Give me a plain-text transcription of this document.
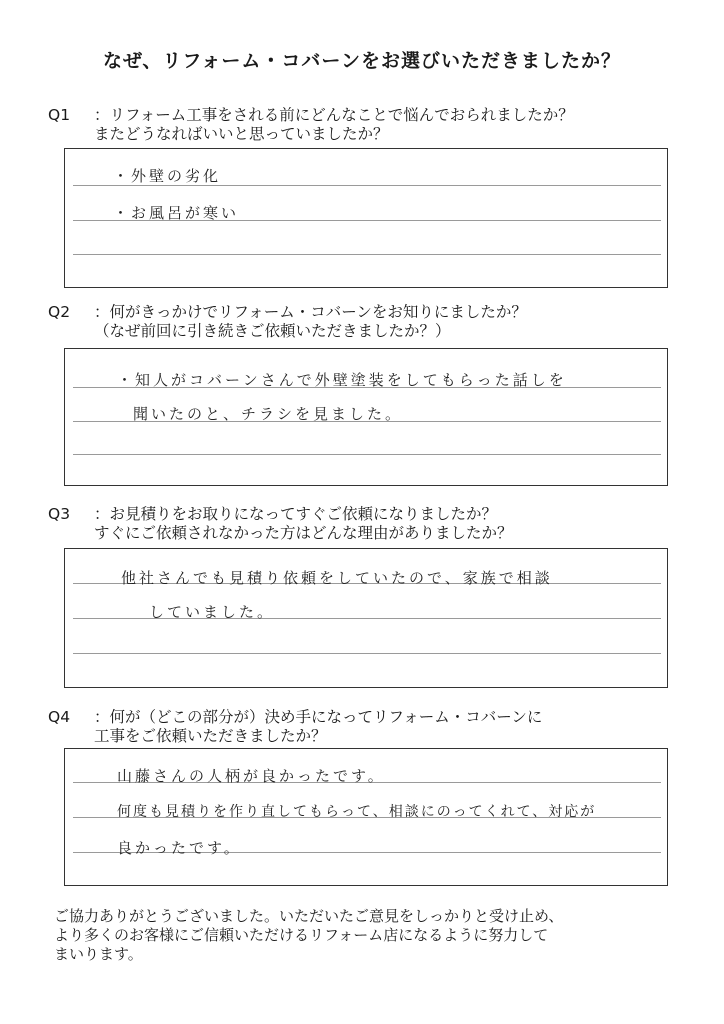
なぜ、リフォーム・コバーンをお選びいただきましたか？
Q1 ：リフォーム工事をされる前にどんなことで悩んでおられましたか？
またどうなればいいと思っていましたか？
・外壁の劣化
・お風呂が寒い
Q2 ：何がきっかけでリフォーム・コバーンをお知りにましたか？
（なぜ前回に引き続きご依頼いただきましたか？）
・知人がコバーンさんで外壁塗装をしてもらった話しを
聞いたのと、チラシを見ました。
Q3 ：お見積りをお取りになってすぐご依頼になりましたか？
すぐにご依頼されなかった方はどんな理由がありましたか？
他社さんでも見積り依頼をしていたので、家族で相談
していました。
Q4 ：何が（どこの部分が）決め手になってリフォーム・コバーンに
工事をご依頼いただきましたか？
山藤さんの人柄が良かったです。
何度も見積りを作り直してもらって、相談にのってくれて、対応が
良かったです。
ご協力ありがとうございました。いただいたご意見をしっかりと受け止め、
より多くのお客様にご信頼いただけるリフォーム店になるように努力して
まいります。
